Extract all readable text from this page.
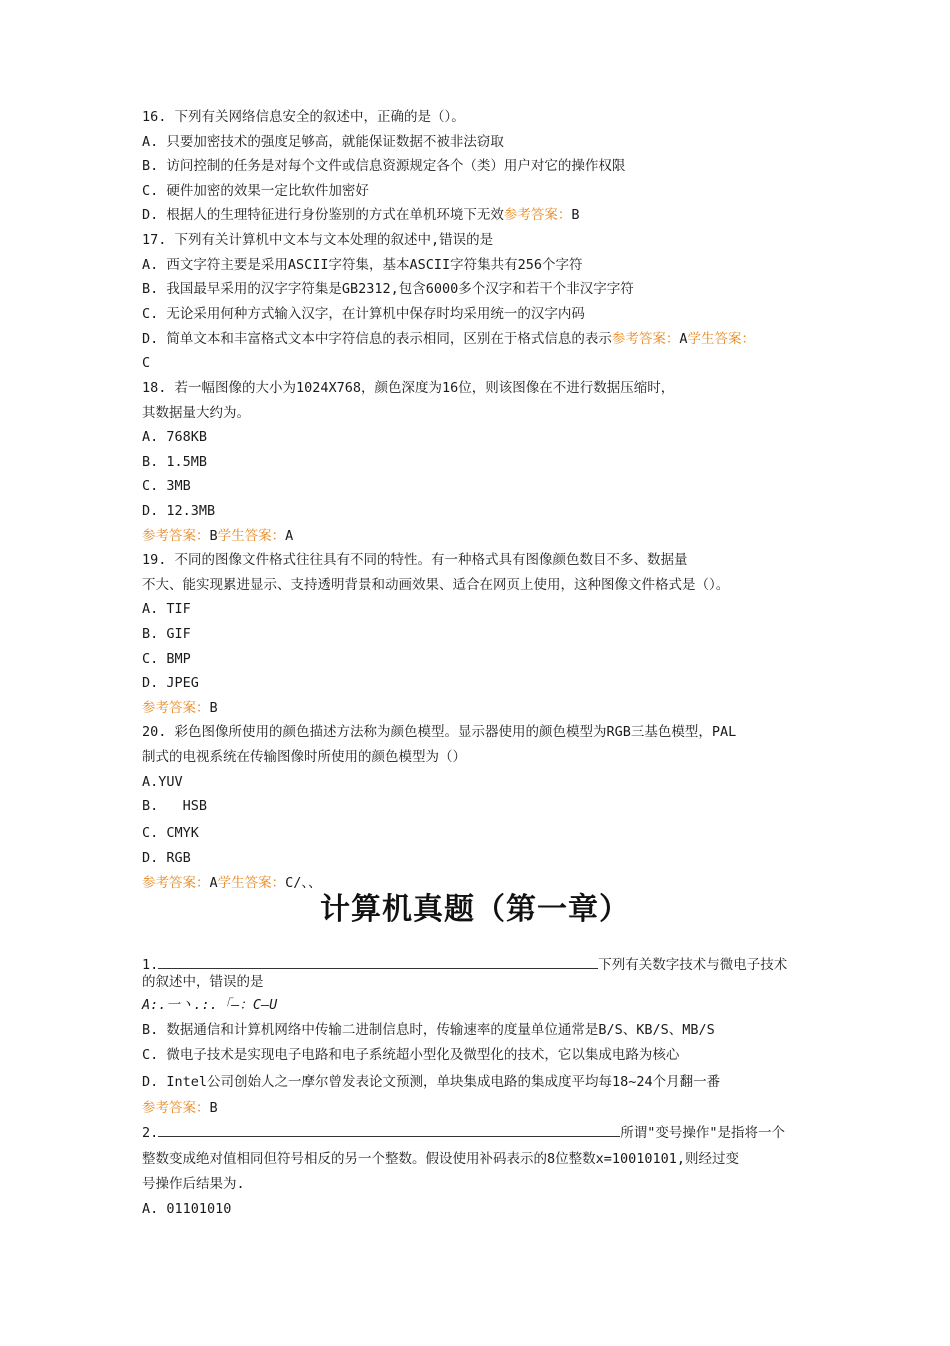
16. 下列有关网络信息安全的叙述中，正确的是（）。
A. 只要加密技术的强度足够高，就能保证数据不被非法窃取
B. 访问控制的任务是对每个文件或信息资源规定各个（类）用户对它的操作权限
C. 硬件加密的效果一定比软件加密好
D. 根据人的生理特征进行身份鉴别的方式在单机环境下无效参考答案：B
17. 下列有关计算机中文本与文本处理的叙述中,错误的是
A. 西文字符主要是采用ASCII字符集，基本ASCII字符集共有256个字符
B. 我国最早采用的汉字字符集是GB2312,包含6000多个汉字和若干个非汉字字符
C. 无论采用何种方式输入汉字，在计算机中保存时均采用统一的汉字内码
D. 简单文本和丰富格式文本中字符信息的表示相同，区别在于格式信息的表示参考答案：A学生答案：
C
18. 若一幅图像的大小为1024X768，颜色深度为16位，则该图像在不进行数据压缩时，
其数据量大约为。
A. 768KB
B. 1.5MB
C. 3MB
D. 12.3MB
参考答案：B学生答案：A
19. 不同的图像文件格式往往具有不同的特性。有一种格式具有图像颜色数目不多、数据量
不大、能实现累进显示、支持透明背景和动画效果、适合在网页上使用，这种图像文件格式是（）。
A. TIF
B. GIF
C. BMP
D. JPEG
参考答案：B
20. 彩色图像所使用的颜色描述方法称为颜色模型。显示器使用的颜色模型为RGB三基色模型，PAL
制式的电视系统在传输图像时所使用的颜色模型为（）
A.YUV
B.   HSB
C. CMYK
D. RGB
参考答案：A学生答案：C/、、
计算机真题（第一章）
1.	下列有关数字技术与微电子技术
的叙述中，错误的是
A:.一丶.:.「—：C—U
B. 数据通信和计算机网络中传输二进制信息时，传输速率的度量单位通常是B/S、KB/S、MB/S
C. 微电子技术是实现电子电路和电子系统超小型化及微型化的技术，它以集成电路为核心
D. Intel公司创始人之一摩尔曾发表论文预测，单块集成电路的集成度平均每18~24个月翻一番
参考答案：B
2.	所谓"变号操作"是指将一个
整数变成绝对值相同但符号相反的另一个整数。假设使用补码表示的8位整数x=10010101,则经过变
号操作后结果为.
A. 01101010
